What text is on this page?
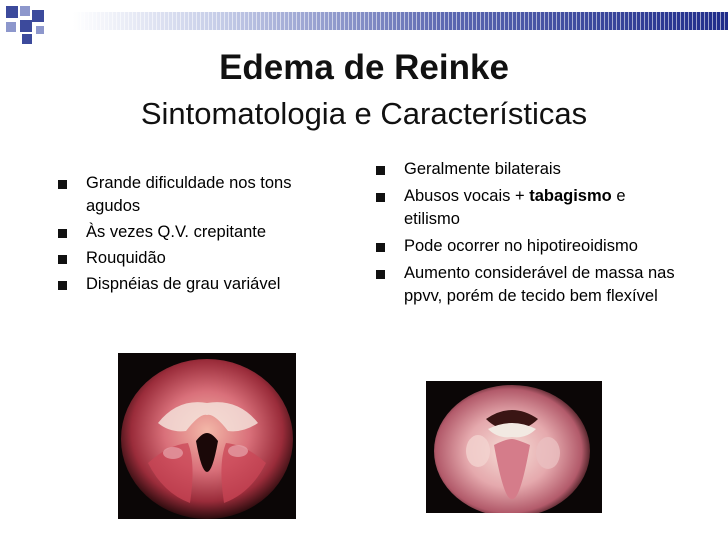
Edema de Reinke
Sintomatologia e Características
Grande dificuldade nos tons agudos
Às vezes Q.V. crepitante
Rouquidão
Dispnéias de grau variável
Geralmente bilaterais
Abusos vocais + tabagismo e etilismo
Pode ocorrer no hipotireoidismo
Aumento considerável de massa nas ppvv, porém de tecido bem flexível
